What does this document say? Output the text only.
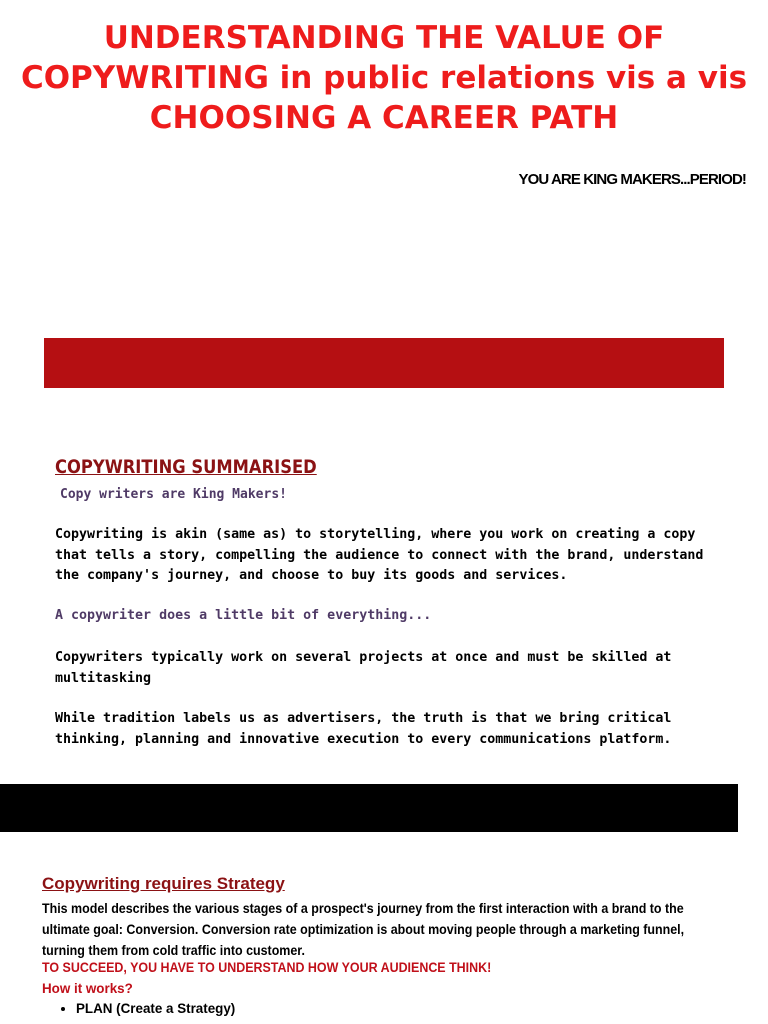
UNDERSTANDING THE VALUE OF
COPYWRITING in public relations vis a vis
CHOOSING A CAREER PATH
YOU ARE KING MAKERS...PERIOD!
COPYWRITING SUMMARISED
Copy writers are King Makers!

Copywriting is akin (same as) to storytelling, where you work on creating a copy that tells a story, compelling the audience to connect with the brand, understand the company's journey, and choose to buy its goods and services.

A copywriter does a little bit of everything...

Copywriters typically work on several projects at once and must be skilled at multitasking

While tradition labels us as advertisers, the truth is that we bring critical thinking, planning and innovative execution to every communications platform.

Copywriting requires Strategy
This model describes the various stages of a prospect's journey from the first interaction with a brand to the ultimate goal: Conversion. Conversion rate optimization is about moving people through a marketing funnel, turning them from cold traffic into customer.
TO SUCCEED, YOU HAVE TO UNDERSTAND HOW YOUR AUDIENCE THINK!
How it works?
• PLAN (Create a Strategy)
